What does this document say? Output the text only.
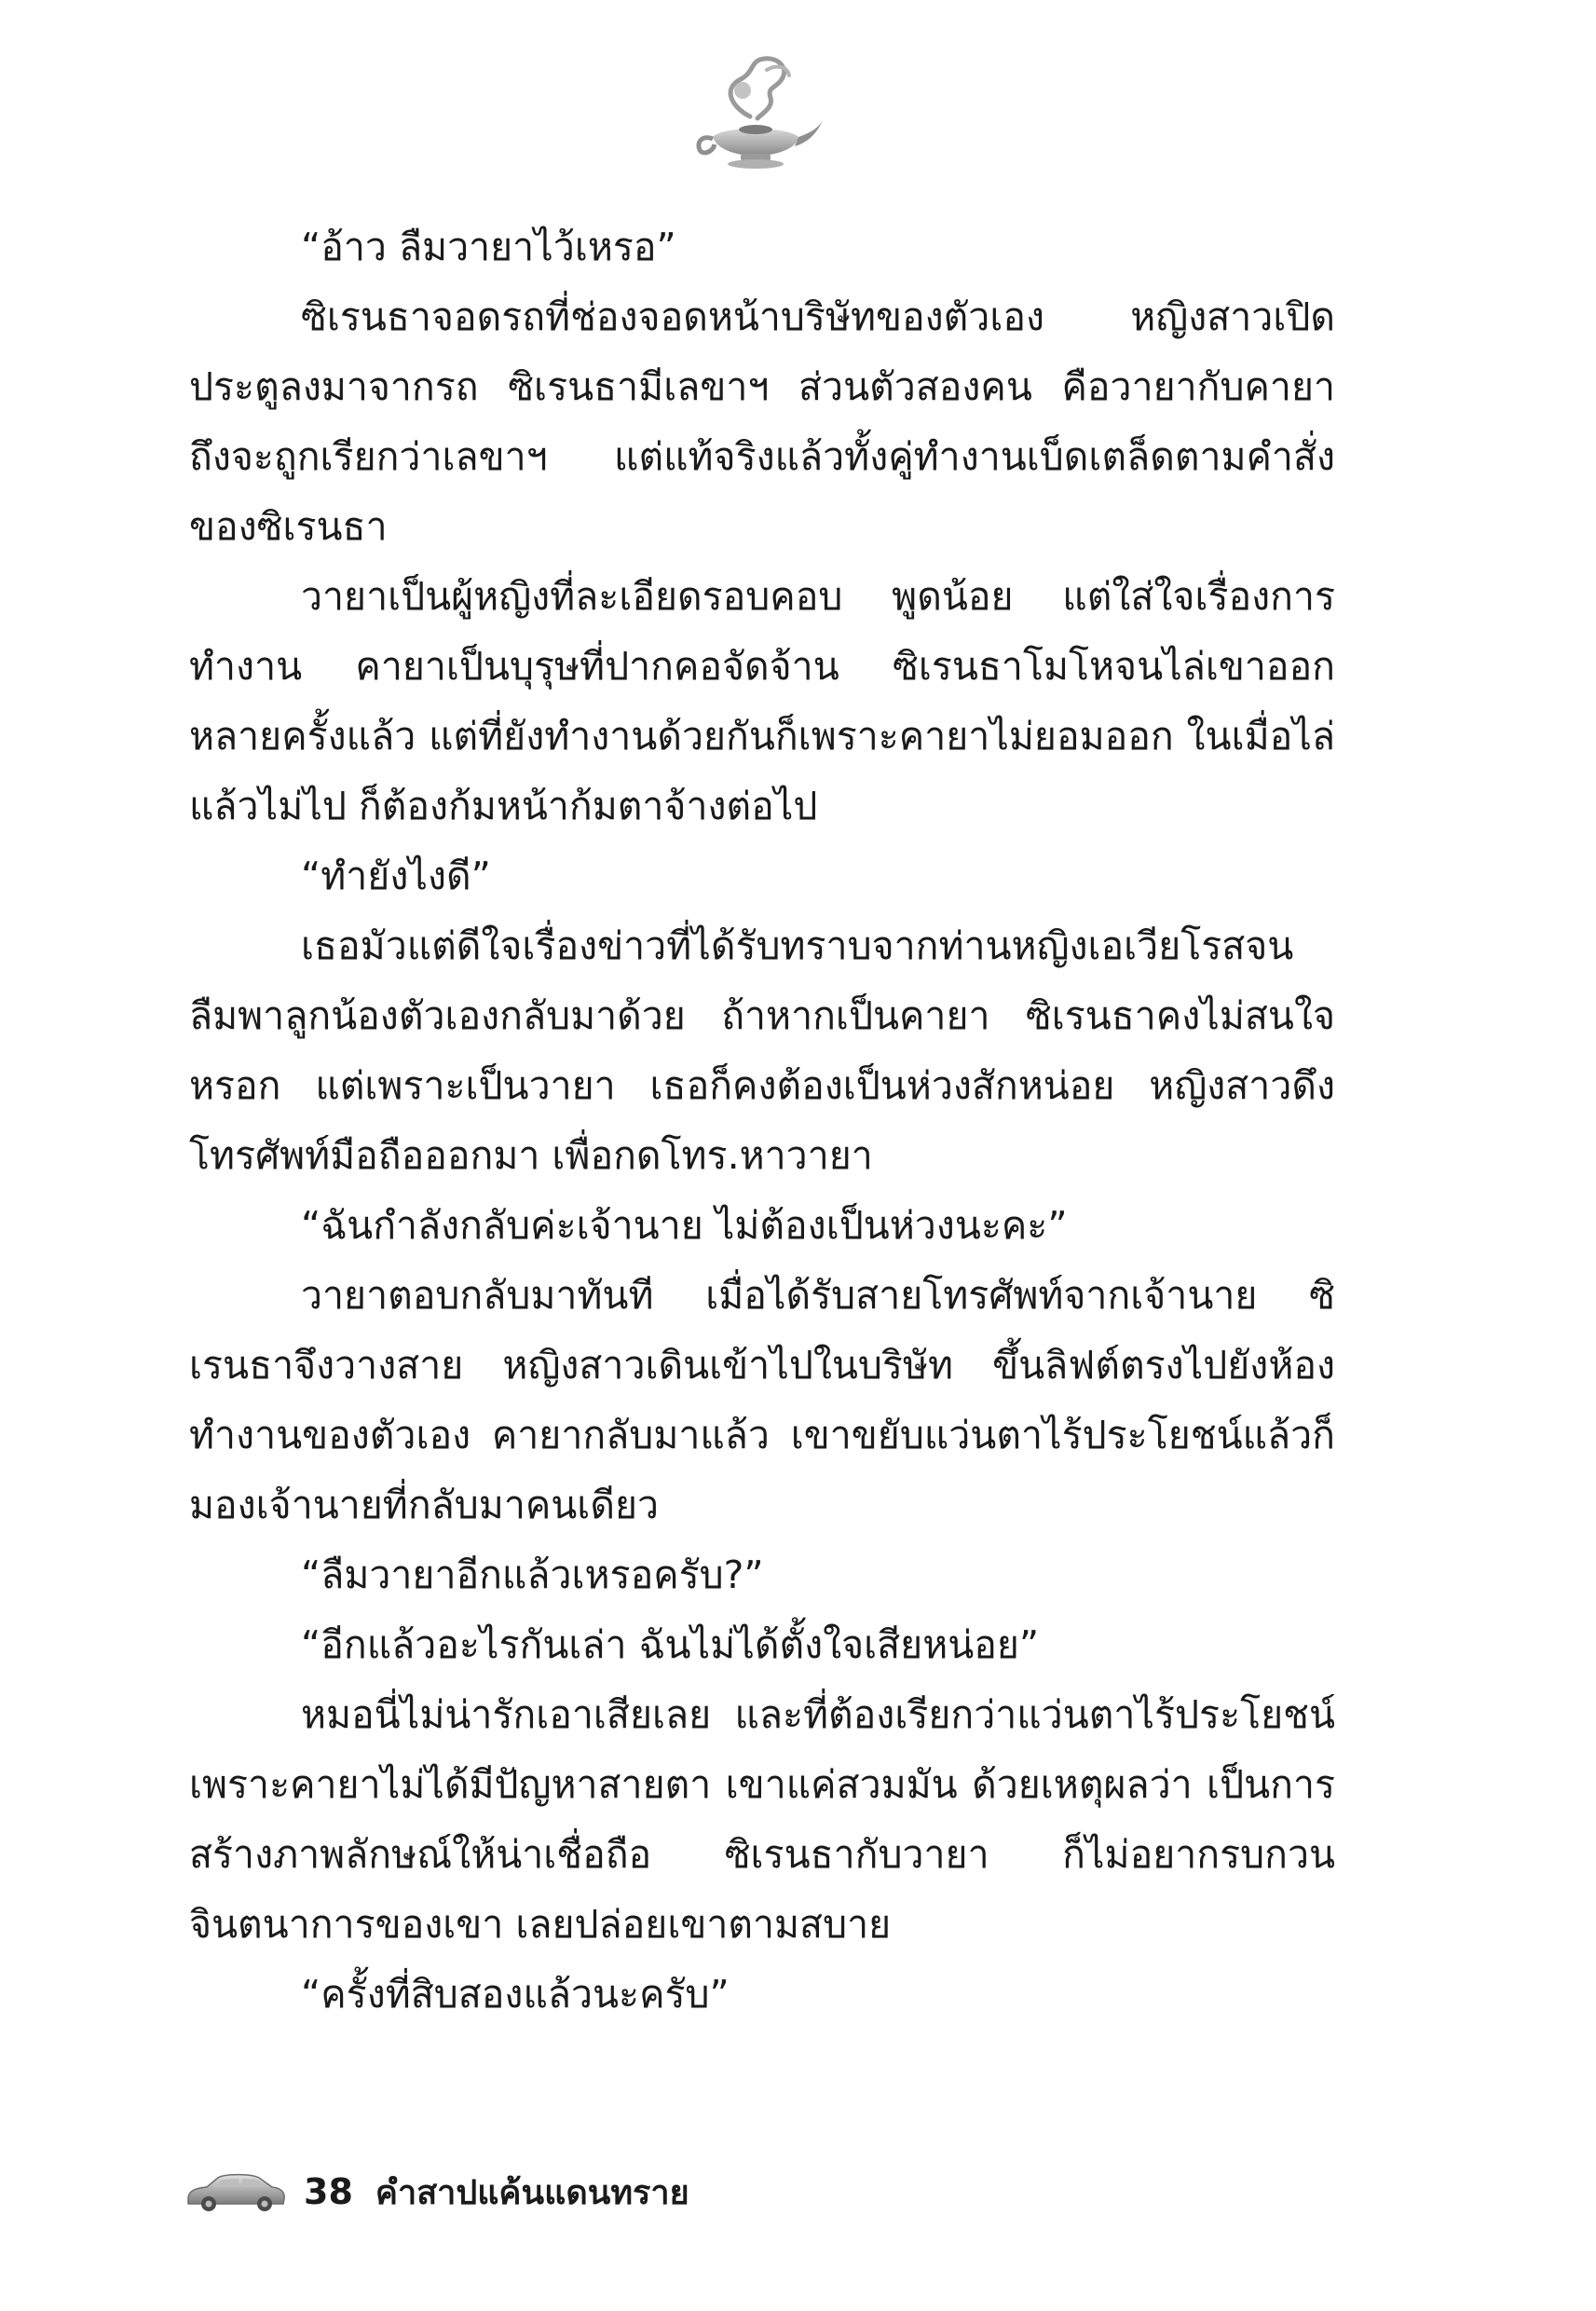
“อ้าว ลืมวายาไว้เหรอ”

ซิเรนธาจอดรถที่ช่องจอดหน้าบริษัทของตัวเอง หญิงสาวเปิดประตูลงมาจากรถ ซิเรนธามีเลขาฯ ส่วนตัวสองคน คือวายากับคายา ถึงจะถูกเรียกว่าเลขาฯ แต่แท้จริงแล้วทั้งคู่ทำงานเบ็ดเตล็ดตามคำสั่งของซิเรนธา

วายาเป็นผู้หญิงที่ละเอียดรอบคอบ พูดน้อย แต่ใส่ใจเรื่องการทำงาน คายาเป็นบุรุษที่ปากคอจัดจ้าน ซิเรนธาโมโหจนไล่เขาออกหลายครั้งแล้ว แต่ที่ยังทำงานด้วยกันก็เพราะคายาไม่ยอมออก ในเมื่อไล่แล้วไม่ไป ก็ต้องก้มหน้าก้มตาจ้างต่อไป

“ทำยังไงดี”

เธอมัวแต่ดีใจเรื่องข่าวที่ได้รับทราบจากท่านหญิงเอเวียโรสจนลืมพาลูกน้องตัวเองกลับมาด้วย ถ้าหากเป็นคายา ซิเรนธาคงไม่สนใจหรอก แต่เพราะเป็นวายา เธอก็คงต้องเป็นห่วงสักหน่อย หญิงสาวดึงโทรศัพท์มือถือออกมา เพื่อกดโทร.หาวายา

“ฉันกำลังกลับค่ะเจ้านาย ไม่ต้องเป็นห่วงนะคะ”

วายาตอบกลับมาทันที เมื่อได้รับสายโทรศัพท์จากเจ้านาย ซิเรนธาจึงวางสาย หญิงสาวเดินเข้าไปในบริษัท ขึ้นลิฟต์ตรงไปยังห้องทำงานของตัวเอง คายากลับมาแล้ว เขาขยับแว่นตาไร้ประโยชน์แล้วก็มองเจ้านายที่กลับมาคนเดียว

“ลืมวายาอีกแล้วเหรอครับ?”

“อีกแล้วอะไรกันเล่า ฉันไม่ได้ตั้งใจเสียหน่อย”

หมอนี่ไม่น่ารักเอาเสียเลย และที่ต้องเรียกว่าแว่นตาไร้ประโยชน์เพราะคายาไม่ได้มีปัญหาสายตา เขาแค่สวมมัน ด้วยเหตุผลว่า เป็นการสร้างภาพลักษณ์ให้น่าเชื่อถือ ซิเรนธากับวายา ก็ไม่อยากรบกวนจินตนาการของเขา เลยปล่อยเขาตามสบาย

“ครั้งที่สิบสองแล้วนะครับ”

38 คำสาปแค้นแดนทราย
